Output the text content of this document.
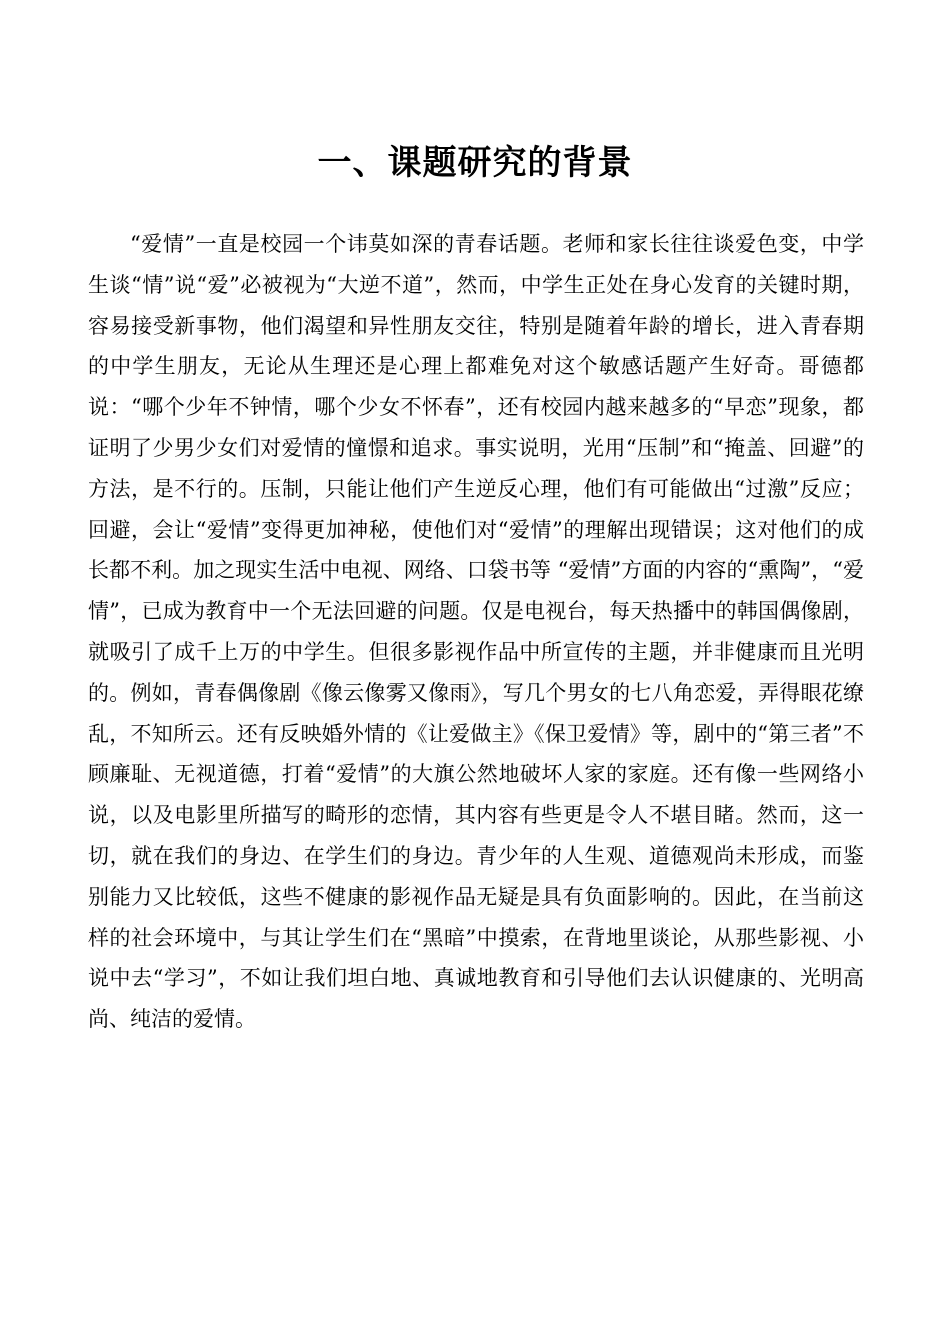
一、课题研究的背景

“爱情”一直是校园一个讳莫如深的青春话题。老师和家长往往谈爱色变，中学生谈“情”说“爱”必被视为“大逆不道”，然而，中学生正处在身心发育的关键时期，容易接受新事物，他们渴望和异性朋友交往，特别是随着年龄的增长，进入青春期的中学生朋友，无论从生理还是心理上都难免对这个敏感话题产生好奇。哥德都说：“哪个少年不钟情，哪个少女不怀春”，还有校园内越来越多的“早恋”现象，都证明了少男少女们对爱情的憧憬和追求。事实说明，光用“压制”和“掩盖、回避”的方法，是不行的。压制，只能让他们产生逆反心理，他们有可能做出“过激”反应；回避，会让“爱情”变得更加神秘，使他们对“爱情”的理解出现错误；这对他们的成长都不利。加之现实生活中电视、网络、口袋书等 “爱情”方面的内容的“熏陶”，“爱情”，已成为教育中一个无法回避的问题。仅是电视台，每天热播中的韩国偶像剧，就吸引了成千上万的中学生。但很多影视作品中所宣传的主题，并非健康而且光明的。例如，青春偶像剧《像云像雾又像雨》，写几个男女的七八角恋爱，弄得眼花缭乱，不知所云。还有反映婚外情的《让爱做主》《保卫爱情》等，剧中的“第三者”不顾廉耻、无视道德，打着“爱情”的大旗公然地破坏人家的家庭。还有像一些网络小说，以及电影里所描写的畸形的恋情，其内容有些更是令人不堪目睹。然而，这一切，就在我们的身边、在学生们的身边。青少年的人生观、道德观尚未形成，而鉴别能力又比较低，这些不健康的影视作品无疑是具有负面影响的。因此，在当前这样的社会环境中，与其让学生们在“黑暗”中摸索，在背地里谈论，从那些影视、小说中去“学习”，不如让我们坦白地、真诚地教育和引导他们去认识健康的、光明高尚、纯洁的爱情。
